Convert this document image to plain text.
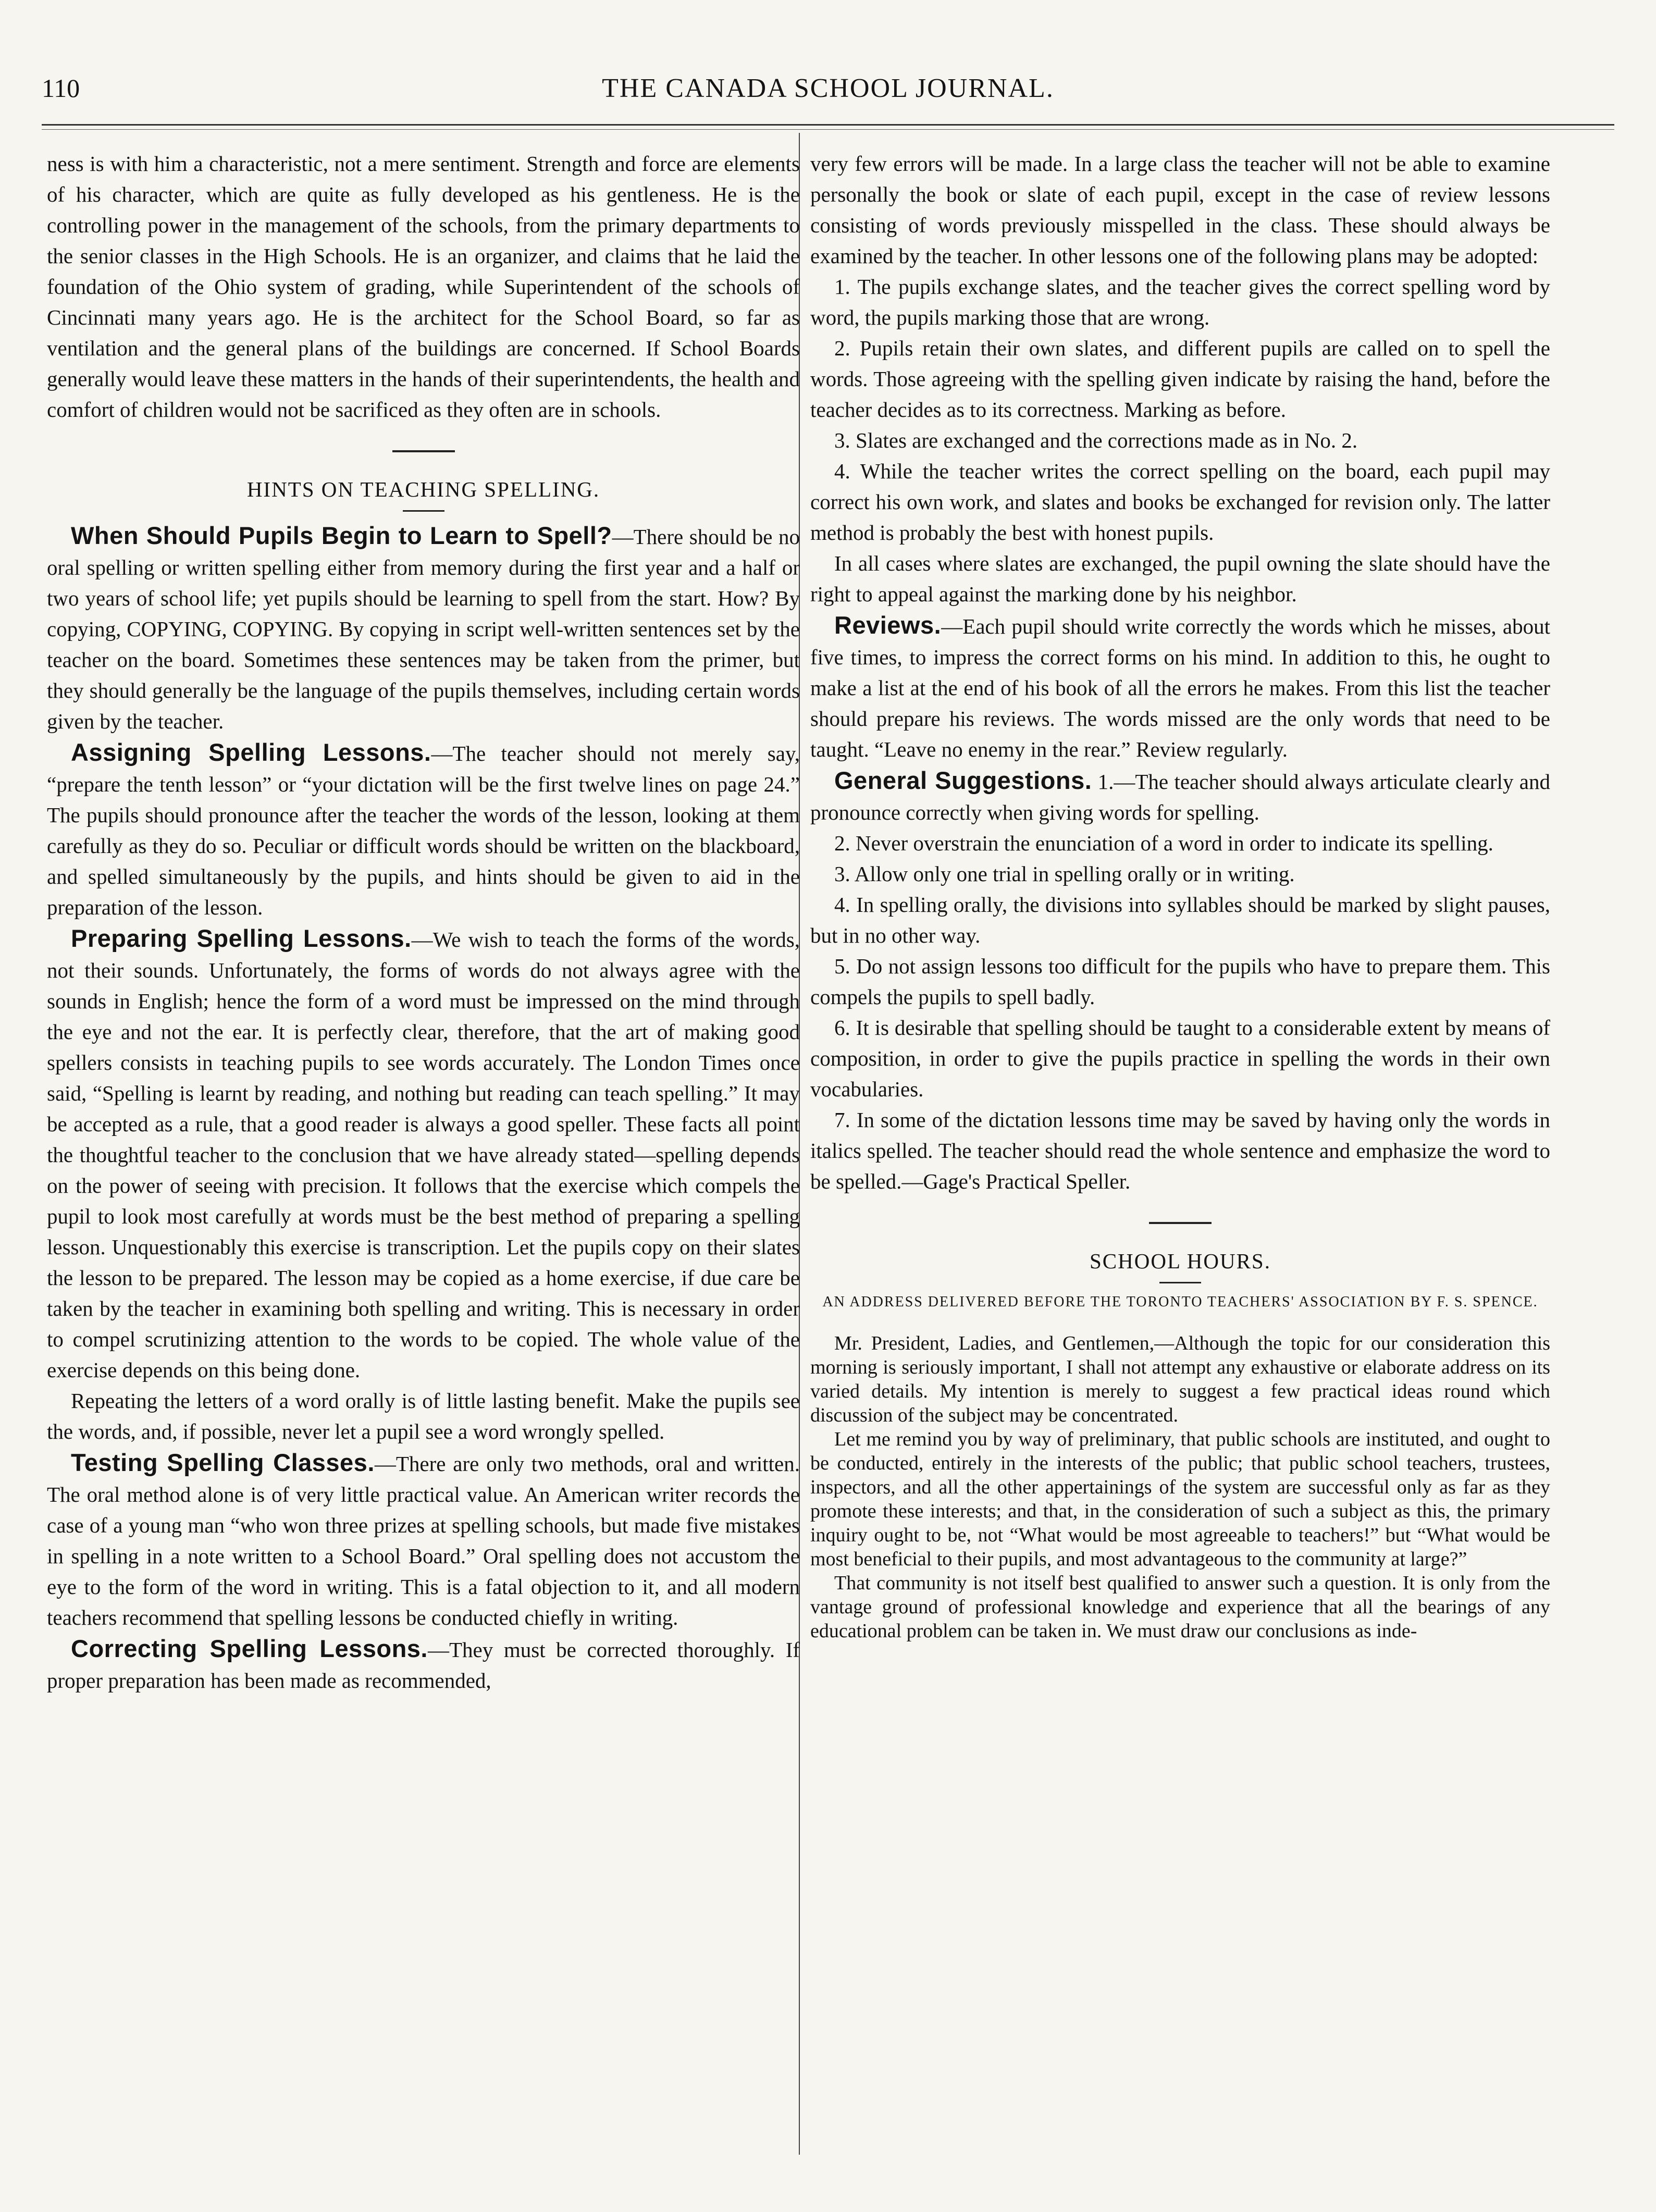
110	THE CANADA SCHOOL JOURNAL.

ness is with him a characteristic, not a mere sentiment. Strength and force are elements of his character, which are quite as fully developed as his gentleness. He is the controlling power in the management of the schools, from the primary departments to the senior classes in the High Schools. He is an organizer, and claims that he laid the foundation of the Ohio system of grading, while Superintendent of the schools of Cincinnati many years ago. He is the architect for the School Board, so far as ventilation and the general plans of the buildings are concerned. If School Boards generally would leave these matters in the hands of their superintendents, the health and comfort of children would not be sacrificed as they often are in schools.

HINTS ON TEACHING SPELLING.

When Should Pupils Begin to Learn to Spell?—There should be no oral spelling or written spelling either from memory during the first year and a half or two years of school life; yet pupils should be learning to spell from the start. How? By copying, COPYING, COPYING. By copying in script well-written sentences set by the teacher on the board. Sometimes these sentences may be taken from the primer, but they should generally be the language of the pupils themselves, including certain words given by the teacher.

Assigning Spelling Lessons.—The teacher should not merely say, “prepare the tenth lesson” or “your dictation will be the first twelve lines on page 24.” The pupils should pronounce after the teacher the words of the lesson, looking at them carefully as they do so. Peculiar or difficult words should be written on the blackboard, and spelled simultaneously by the pupils, and hints should be given to aid in the preparation of the lesson.

Preparing Spelling Lessons.—We wish to teach the forms of the words, not their sounds. Unfortunately, the forms of words do not always agree with the sounds in English; hence the form of a word must be impressed on the mind through the eye and not the ear. It is perfectly clear, therefore, that the art of making good spellers consists in teaching pupils to see words accurately. The London Times once said, “Spelling is learnt by reading, and nothing but reading can teach spelling.” It may be accepted as a rule, that a good reader is always a good speller. These facts all point the thoughtful teacher to the conclusion that we have already stated—spelling depends on the power of seeing with precision. It follows that the exercise which compels the pupil to look most carefully at words must be the best method of preparing a spelling lesson. Unquestionably this exercise is transcription. Let the pupils copy on their slates the lesson to be prepared. The lesson may be copied as a home exercise, if due care be taken by the teacher in examining both spelling and writing. This is necessary in order to compel scrutinizing attention to the words to be copied. The whole value of the exercise depends on this being done.

Repeating the letters of a word orally is of little lasting benefit. Make the pupils see the words, and, if possible, never let a pupil see a word wrongly spelled.

Testing Spelling Classes.—There are only two methods, oral and written. The oral method alone is of very little practical value. An American writer records the case of a young man “who won three prizes at spelling schools, but made five mistakes in spelling in a note written to a School Board.” Oral spelling does not accustom the eye to the form of the word in writing. This is a fatal objection to it, and all modern teachers recommend that spelling lessons be conducted chiefly in writing.

Correcting Spelling Lessons.—They must be corrected thoroughly. If proper preparation has been made as recommended,

very few errors will be made. In a large class the teacher will not be able to examine personally the book or slate of each pupil, except in the case of review lessons consisting of words previously misspelled in the class. These should always be examined by the teacher. In other lessons one of the following plans may be adopted:

1. The pupils exchange slates, and the teacher gives the correct spelling word by word, the pupils marking those that are wrong.

2. Pupils retain their own slates, and different pupils are called on to spell the words. Those agreeing with the spelling given indicate by raising the hand, before the teacher decides as to its correctness. Marking as before.

3. Slates are exchanged and the corrections made as in No. 2.

4. While the teacher writes the correct spelling on the board, each pupil may correct his own work, and slates and books be exchanged for revision only. The latter method is probably the best with honest pupils.

In all cases where slates are exchanged, the pupil owning the slate should have the right to appeal against the marking done by his neighbor.

Reviews.—Each pupil should write correctly the words which he misses, about five times, to impress the correct forms on his mind. In addition to this, he ought to make a list at the end of his book of all the errors he makes. From this list the teacher should prepare his reviews. The words missed are the only words that need to be taught. “Leave no enemy in the rear.” Review regularly.

General Suggestions. 1.—The teacher should always articulate clearly and pronounce correctly when giving words for spelling.

2. Never overstrain the enunciation of a word in order to indicate its spelling.

3. Allow only one trial in spelling orally or in writing.

4. In spelling orally, the divisions into syllables should be marked by slight pauses, but in no other way.

5. Do not assign lessons too difficult for the pupils who have to prepare them. This compels the pupils to spell badly.

6. It is desirable that spelling should be taught to a considerable extent by means of composition, in order to give the pupils practice in spelling the words in their own vocabularies.

7. In some of the dictation lessons time may be saved by having only the words in italics spelled. The teacher should read the whole sentence and emphasize the word to be spelled.—Gage's Practical Speller.

SCHOOL HOURS.
AN ADDRESS DELIVERED BEFORE THE TORONTO TEACHERS' ASSOCIATION BY F. S. SPENCE.

Mr. President, Ladies, and Gentlemen,—Although the topic for our consideration this morning is seriously important, I shall not attempt any exhaustive or elaborate address on its varied details. My intention is merely to suggest a few practical ideas round which discussion of the subject may be concentrated.

Let me remind you by way of preliminary, that public schools are instituted, and ought to be conducted, entirely in the interests of the public; that public school teachers, trustees, inspectors, and all the other appertainings of the system are successful only as far as they promote these interests; and that, in the consideration of such a subject as this, the primary inquiry ought to be, not “What would be most agreeable to teachers!” but “What would be most beneficial to their pupils, and most advantageous to the community at large?”

That community is not itself best qualified to answer such a question. It is only from the vantage ground of professional knowledge and experience that all the bearings of any educational problem can be taken in. We must draw our conclusions as inde-
